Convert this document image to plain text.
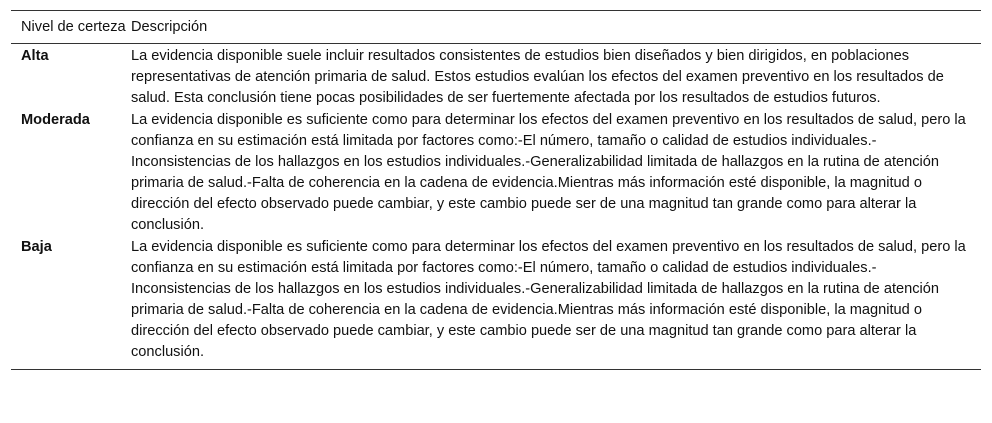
Nivel de certeza	Descripción
Alta	La evidencia disponible suele incluir resultados consistentes de estudios bien diseñados y bien dirigidos, en poblaciones representativas de atención primaria de salud. Estos estudios evalúan los efectos del examen preventivo en los resultados de salud. Esta conclusión tiene pocas posibilidades de ser fuertemente afectada por los resultados de estudios futuros.
Moderada	La evidencia disponible es suficiente como para determinar los efectos del examen preventivo en los resultados de salud, pero la confianza en su estimación está limitada por factores como:-El número, tamaño o calidad de estudios individuales.-Inconsistencias de los hallazgos en los estudios individuales.-Generalizabilidad limitada de hallazgos en la rutina de atención primaria de salud.-Falta de coherencia en la cadena de evidencia.Mientras más información esté disponible, la magnitud o dirección del efecto observado puede cambiar, y este cambio puede ser de una magnitud tan grande como para alterar la conclusión.
Baja	La evidencia disponible es suficiente como para determinar los efectos del examen preventivo en los resultados de salud, pero la confianza en su estimación está limitada por factores como:-El número, tamaño o calidad de estudios individuales.-Inconsistencias de los hallazgos en los estudios individuales.-Generalizabilidad limitada de hallazgos en la rutina de atención primaria de salud.-Falta de coherencia en la cadena de evidencia.Mientras más información esté disponible, la magnitud o dirección del efecto observado puede cambiar, y este cambio puede ser de una magnitud tan grande como para alterar la conclusión.
